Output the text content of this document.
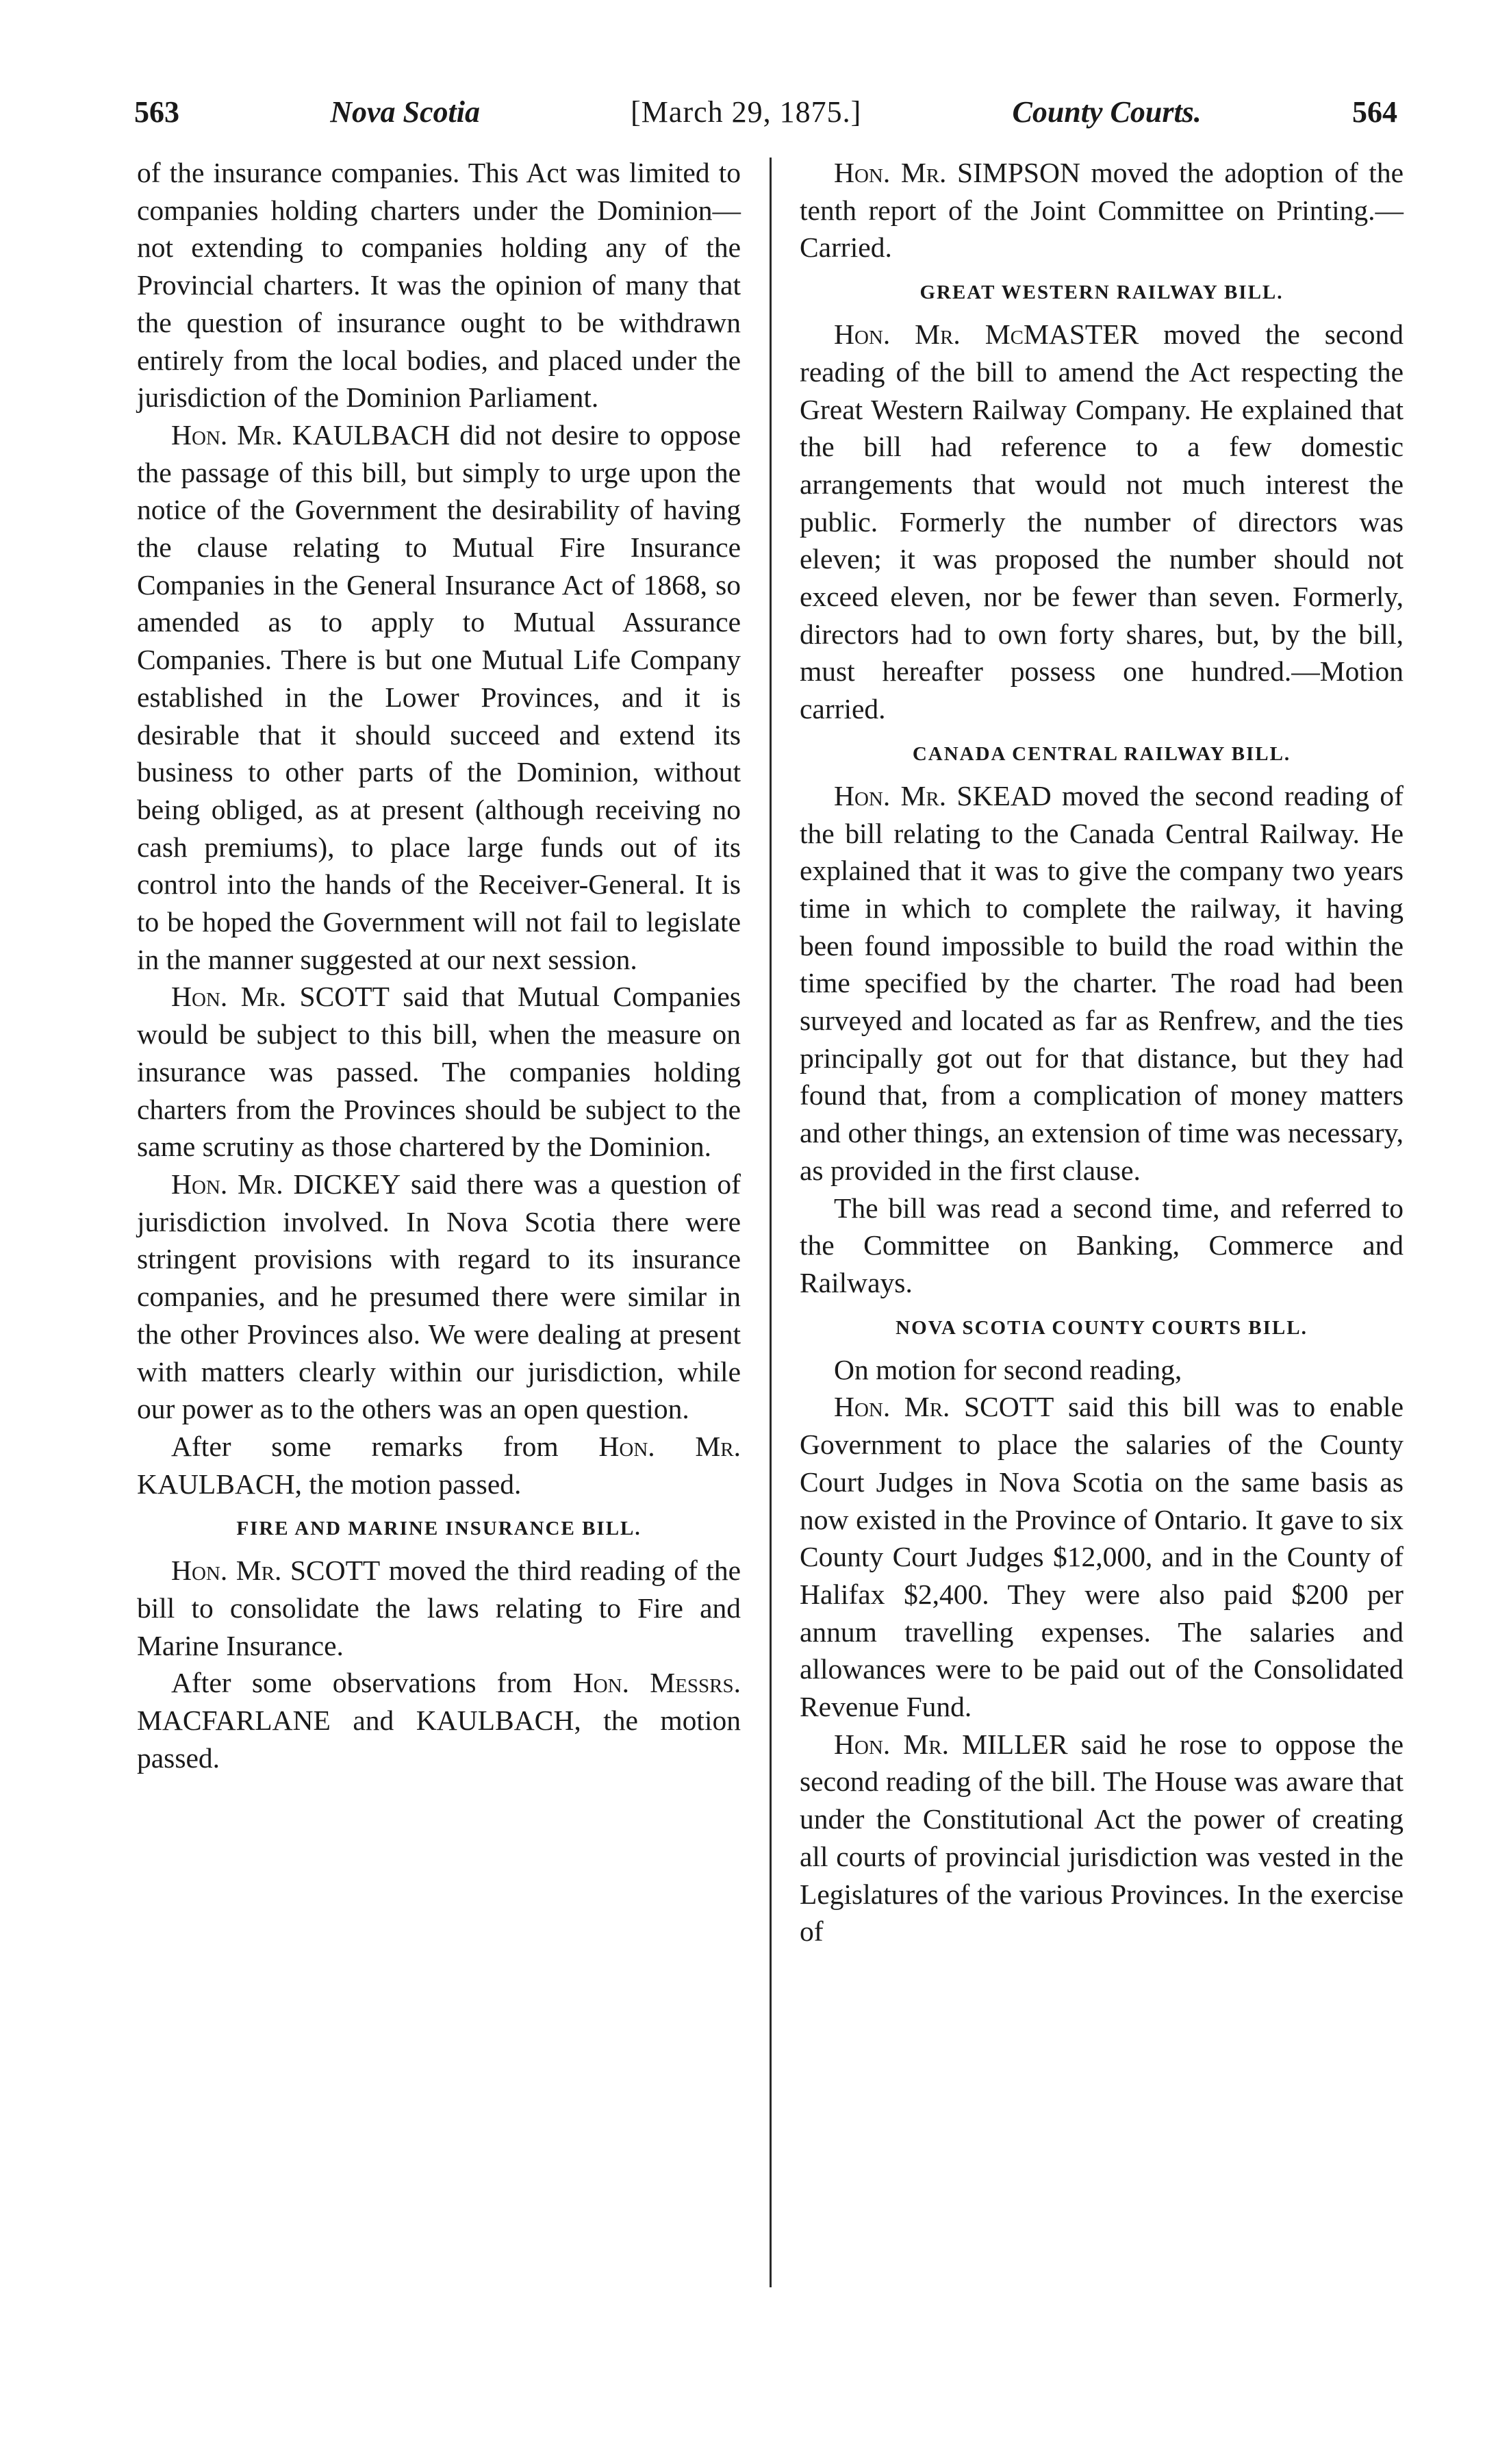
563	Nova Scotia	[March 29, 1875.]	County Courts.	564

of the insurance companies. This Act was limited to companies holding charters under the Dominion—not extending to companies holding any of the Provincial charters. It was the opinion of many that the question of insurance ought to be withdrawn entirely from the local bodies, and placed under the jurisdiction of the Dominion Parliament.

Hon. Mr. KAULBACH did not desire to oppose the passage of this bill, but simply to urge upon the notice of the Government the desirability of having the clause relating to Mutual Fire Insurance Companies in the General Insurance Act of 1868, so amended as to apply to Mutual Assurance Companies. There is but one Mutual Life Company established in the Lower Provinces, and it is desirable that it should succeed and extend its business to other parts of the Dominion, without being obliged, as at present (although receiving no cash premiums), to place large funds out of its control into the hands of the Receiver-General. It is to be hoped the Government will not fail to legislate in the manner suggested at our next session.

Hon. Mr. SCOTT said that Mutual Companies would be subject to this bill, when the measure on insurance was passed. The companies holding charters from the Provinces should be subject to the same scrutiny as those chartered by the Dominion.

Hon. Mr. DICKEY said there was a question of jurisdiction involved. In Nova Scotia there were stringent provisions with regard to its insurance companies, and he presumed there were similar in the other Provinces also. We were dealing at present with matters clearly within our jurisdiction, while our power as to the others was an open question.

After some remarks from Hon. Mr. KAULBACH, the motion passed.

FIRE AND MARINE INSURANCE BILL.

Hon. Mr. SCOTT moved the third reading of the bill to consolidate the laws relating to Fire and Marine Insurance.

After some observations from Hon. Messrs. MACFARLANE and KAULBACH, the motion passed.

Hon. Mr. SIMPSON moved the adoption of the tenth report of the Joint Committee on Printing.—Carried.

GREAT WESTERN RAILWAY BILL.

Hon. Mr. McMASTER moved the second reading of the bill to amend the Act respecting the Great Western Railway Company. He explained that the bill had reference to a few domestic arrangements that would not much interest the public. Formerly the number of directors was eleven; it was proposed the number should not exceed eleven, nor be fewer than seven. Formerly, directors had to own forty shares, but, by the bill, must hereafter possess one hundred.—Motion carried.

CANADA CENTRAL RAILWAY BILL.

Hon. Mr. SKEAD moved the second reading of the bill relating to the Canada Central Railway. He explained that it was to give the company two years time in which to complete the railway, it having been found impossible to build the road within the time specified by the charter. The road had been surveyed and located as far as Renfrew, and the ties principally got out for that distance, but they had found that, from a complication of money matters and other things, an extension of time was necessary, as provided in the first clause.

The bill was read a second time, and referred to the Committee on Banking, Commerce and Railways.

NOVA SCOTIA COUNTY COURTS BILL.

On motion for second reading,

Hon. Mr. SCOTT said this bill was to enable Government to place the salaries of the County Court Judges in Nova Scotia on the same basis as now existed in the Province of Ontario. It gave to six County Court Judges $12,000, and in the County of Halifax $2,400. They were also paid $200 per annum travelling expenses. The salaries and allowances were to be paid out of the Consolidated Revenue Fund.

Hon. Mr. MILLER said he rose to oppose the second reading of the bill. The House was aware that under the Constitutional Act the power of creating all courts of provincial jurisdiction was vested in the Legislatures of the various Provinces. In the exercise of
